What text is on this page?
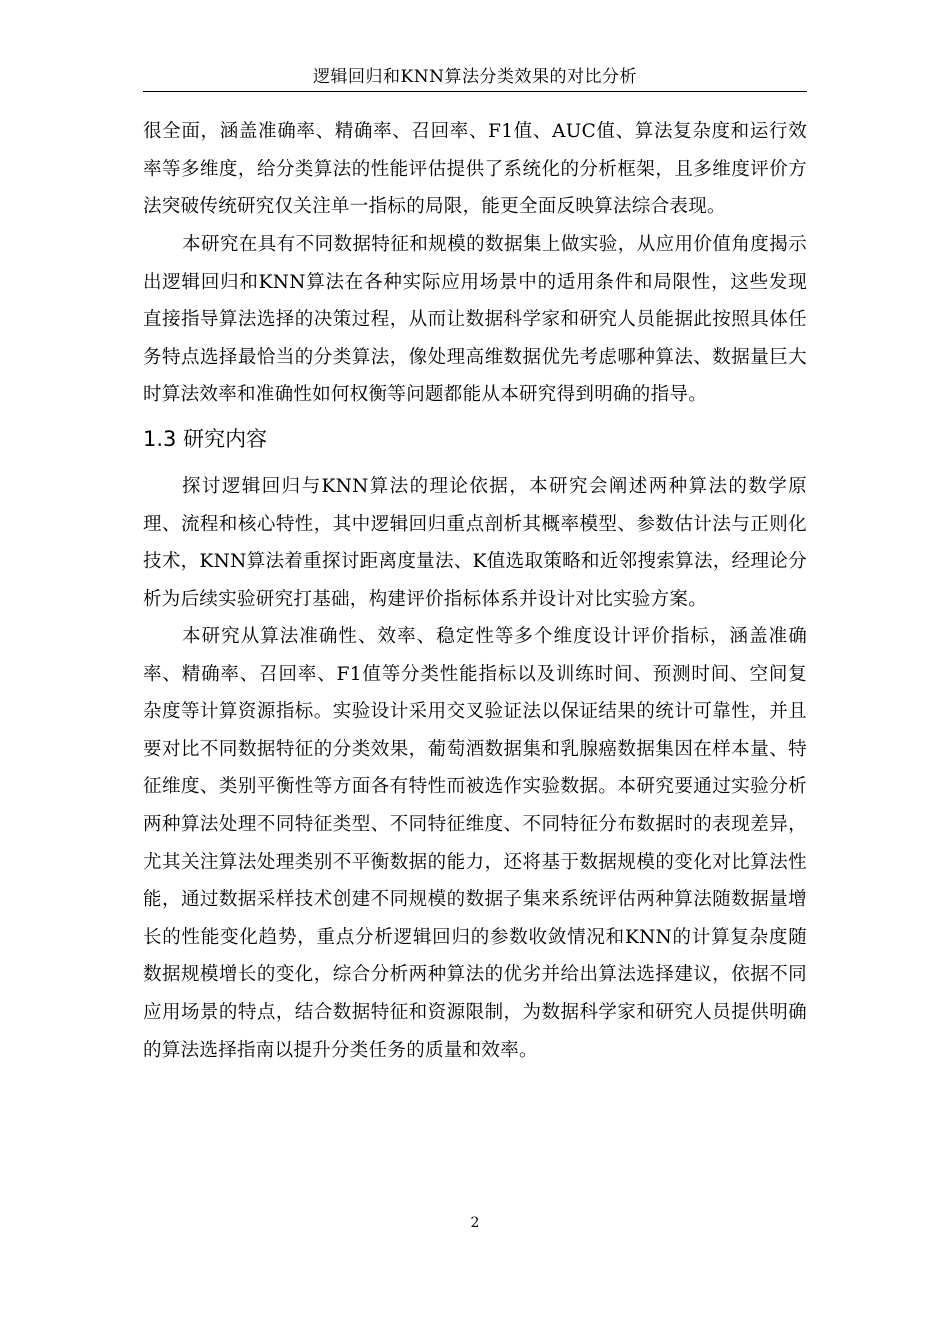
逻辑回归和KNN算法分类效果的对比分析

很全面，涵盖准确率、精确率、召回率、F1值、AUC值、算法复杂度和运行效率等多维度，给分类算法的性能评估提供了系统化的分析框架，且多维度评价方法突破传统研究仅关注单一指标的局限，能更全面反映算法综合表现。

本研究在具有不同数据特征和规模的数据集上做实验，从应用价值角度揭示出逻辑回归和KNN算法在各种实际应用场景中的适用条件和局限性，这些发现直接指导算法选择的决策过程，从而让数据科学家和研究人员能据此按照具体任务特点选择最恰当的分类算法，像处理高维数据优先考虑哪种算法、数据量巨大时算法效率和准确性如何权衡等问题都能从本研究得到明确的指导。

1.3 研究内容

探讨逻辑回归与KNN算法的理论依据，本研究会阐述两种算法的数学原理、流程和核心特性，其中逻辑回归重点剖析其概率模型、参数估计法与正则化技术，KNN算法着重探讨距离度量法、K值选取策略和近邻搜索算法，经理论分析为后续实验研究打基础，构建评价指标体系并设计对比实验方案。

本研究从算法准确性、效率、稳定性等多个维度设计评价指标，涵盖准确率、精确率、召回率、F1值等分类性能指标以及训练时间、预测时间、空间复杂度等计算资源指标。实验设计采用交叉验证法以保证结果的统计可靠性，并且要对比不同数据特征的分类效果，葡萄酒数据集和乳腺癌数据集因在样本量、特征维度、类别平衡性等方面各有特性而被选作实验数据。本研究要通过实验分析两种算法处理不同特征类型、不同特征维度、不同特征分布数据时的表现差异，尤其关注算法处理类别不平衡数据的能力，还将基于数据规模的变化对比算法性能，通过数据采样技术创建不同规模的数据子集来系统评估两种算法随数据量增长的性能变化趋势，重点分析逻辑回归的参数收敛情况和KNN的计算复杂度随数据规模增长的变化，综合分析两种算法的优劣并给出算法选择建议，依据不同应用场景的特点，结合数据特征和资源限制，为数据科学家和研究人员提供明确的算法选择指南以提升分类任务的质量和效率。

2
